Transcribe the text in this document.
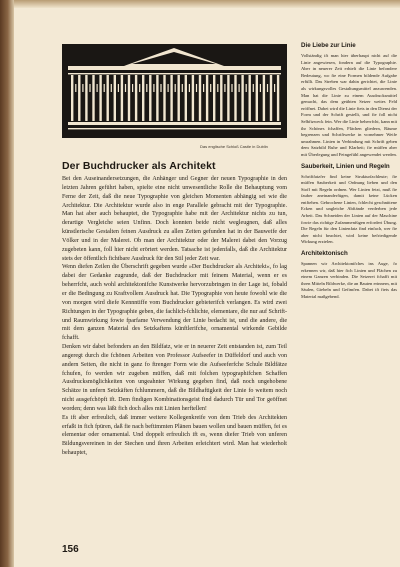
Das englische Schloß Castle in Dublin
Der Buchdrucker als Architekt

Bei den Auseinandersetzungen, die Anhänger und Gegner der neuen Typographie in den letzten Jahren geführt haben, spielte eine nicht unwesentliche Rolle die Behauptung vom Ferne der Zeit, daß die neue Typographie von gleichen Momenten abhängig sei wie die Architektur. Die Architektur wurde also in enge Parallele gebracht mit der Typographie. Man hat aber auch behauptet, die Typographie habe mit der Architektur nichts zu tun, derartige Vergleiche seien Unfinn. Doch konnten beide nicht wegleugnen, daß alles künstlerische Gestalten feinen Ausdruck zu allen Zeiten gefunden hat in der Bauweife der Völker und in der Malerei. Ob man der Architektur oder der Malerei dabei den Vorzug zugebeten kann, foll hier nicht erörtert werden. Tatsache ist jedenfalls, daß die Architektur stets der öffentlich fichtbare Ausdruck für den Stil jeder Zeit war.

Wenn diefen Zeilen die Überschrift gegeben wurde »Der Buchdrucker als Architekt«, fo lag dabei der Gedanke zugrunde, daß der Buchdrucker mit feinem Material, wenn er es beherrfcht, auch wohl architektonifche Kunstwerke hervorzubringen in der Lage ist, fobald er die Bedingung zu Kraftvollem Ausdruck hat. Die Typographie von heute fowohl wie die von morgen wird diefe Kennntiffe vom Buchdrucker gebieterifch verlangen. Es wird zwei Richtungen in der Typographie geben, die fachlich-fchlichte, elementare, die nur auf Schrift- und Raumwirkung fowie fparfame Verwendung der Linie bedacht ist, und die andere, die mit dem ganzen Material des Setzkaftens künftlerifche, ornamental wirkende Gebilde fchafft.

Denken wir dabei befonders an den Bildfatz, wie er in neuerer Zeit entstanden ist, zum Teil angeregt durch die fchönen Arbeiten von Professor Aufseefer in Düffeldorf und auch von andern Seiten, die nicht in ganz fo ftrenger Form wie die Aufseeferfche Schule Bildfätze fchufen, fo werden wir zugeben müffen, daß mit folchen typographifchen Schaffen Ausdrucksmöglichkeiten von ungeahnter Wirkung gegeben find, daß noch ungehobene Schätze in unfern Setzkäften fchlummern, daß die Bildhaftigkeit der Linie fo weitem noch nicht ausgefchöpft ift. Dem findigen Kombinationsgeist find dadurch Tür und Tor geöffnet worden; denn was läßt fich doch alles mit Linien herftellen!

Es ift aber erfreulich, daß immer weitere Kollegenkreife von dem Trieb des Architekten erfaßt in fich fpüren, daß fie nach beftimmten Plänen bauen wollen und bauen müffen, fei es elementar oder ornamental. Und doppelt erfreulich ift es, wenn diefer Trieb von unferen Bildungsvereinen in der Stechen und ihren Arbeiten erleichtert wird. Man hat wiederholt behauptet,

156
Die Liebe zur Linie

Vollständig ift man hier überhaupt nicht auf die Linie angewiesen, fondern auf die Typographie. Aber in neuerer Zeit erhielt die Linie befondere Bedeutung, wo fie eine Formen bildende Aufgabe erfüllt. Das Streben war dahin gerichtet, die Linie als wirkungsvolles Gestaltungsmittel anzuwenden. Man hat die Linie zu einem Ausdrucksmittel gemacht, das dem geübten Setzer weites Feld eröffnet. Dabei wird die Linie ftets in den Dienst der Form und der Schrift gestellt, und fie foll nicht Selbftzweck fein. Wer die Linie beherrfcht, kann mit ihr Schönes fchaffen, Flächen gliedern, Räume begrenzen und Schriftwerke in vornehmer Weife umrahmen. Linien in Verbindung mit Schrift geben dem Satzbild Ruhe und Klarheit; fie müffen aber mit Überlegung und Feingefühl angewendet werden.

Sauberkeit, Linien und Regeln

Schriftfatzfer find keine Strukturfachleute; fie müffen Sauberkeit und Ordnung lieben und den Stoff mit Regeln ordnen. Wer Linien fetzt, muß fie fauber aneinanderfügen, damit keine Lücken entftehen. Gebrochene Linien, fchlecht geschnittene Ecken und ungleiche Abftände verderben jede Arbeit. Das Schneiden der Linien auf der Maschine fowie das richtige Zufammenfügen erfordert Übung. Die Regeln für den Linienfatz find einfach, wer fie aber nicht beachtet, wird keine befriedigende Wirkung erzielen.

Architektonisch

Spannen wir Architektonifches ins Auge, fo erkennen wir, daß hier fich Linien und Flächen zu einem Ganzen verbinden. Die Setzerei fchafft mit ihren Mitteln Bildwerke, die an Bauten erinnern, mit Säulen, Giebeln und Gefimfen. Dabei ift ftets das Material maßgebend.
